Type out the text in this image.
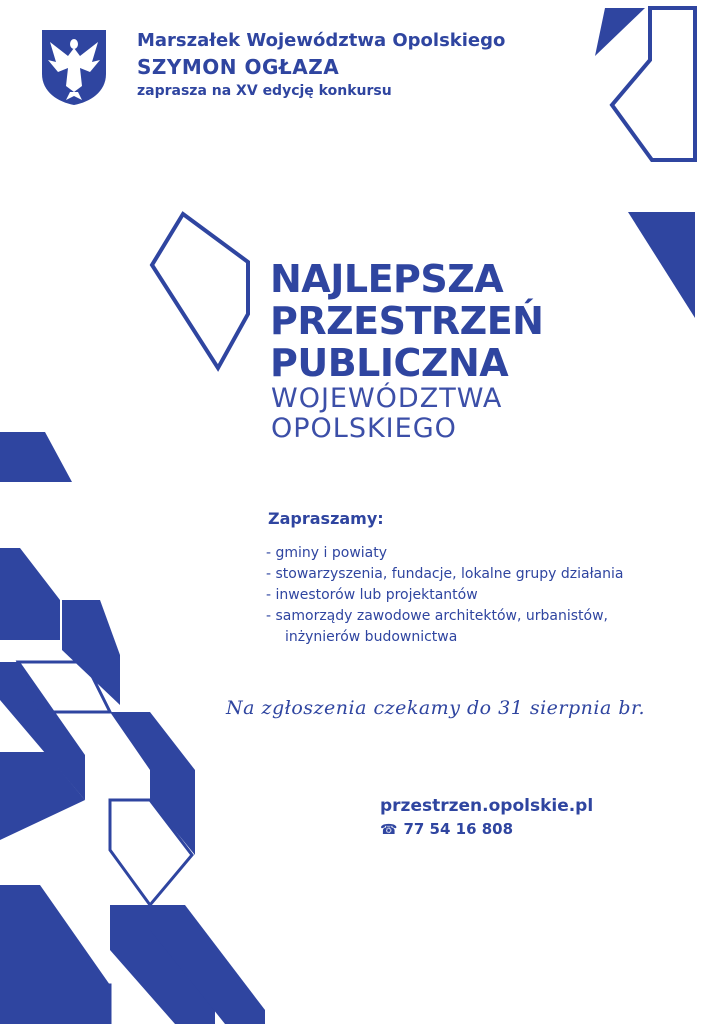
Marszałek Województwa Opolskiego
SZYMON OGŁAZA
zaprasza na XV edycję konkursu
NAJLEPSZA
PRZESTRZEŃ
PUBLICZNA
WOJEWÓDZTWA
OPOLSKIEGO
Zapraszamy:
- gminy i powiaty
- stowarzyszenia, fundacje, lokalne grupy działania
- inwestorów lub projektantów
- samorządy zawodowe architektów, urbanistów,
inżynierów budownictwa
Na zgłoszenia czekamy do 31 sierpnia br.
przestrzen.opolskie.pl
☎ 77 54 16 808
